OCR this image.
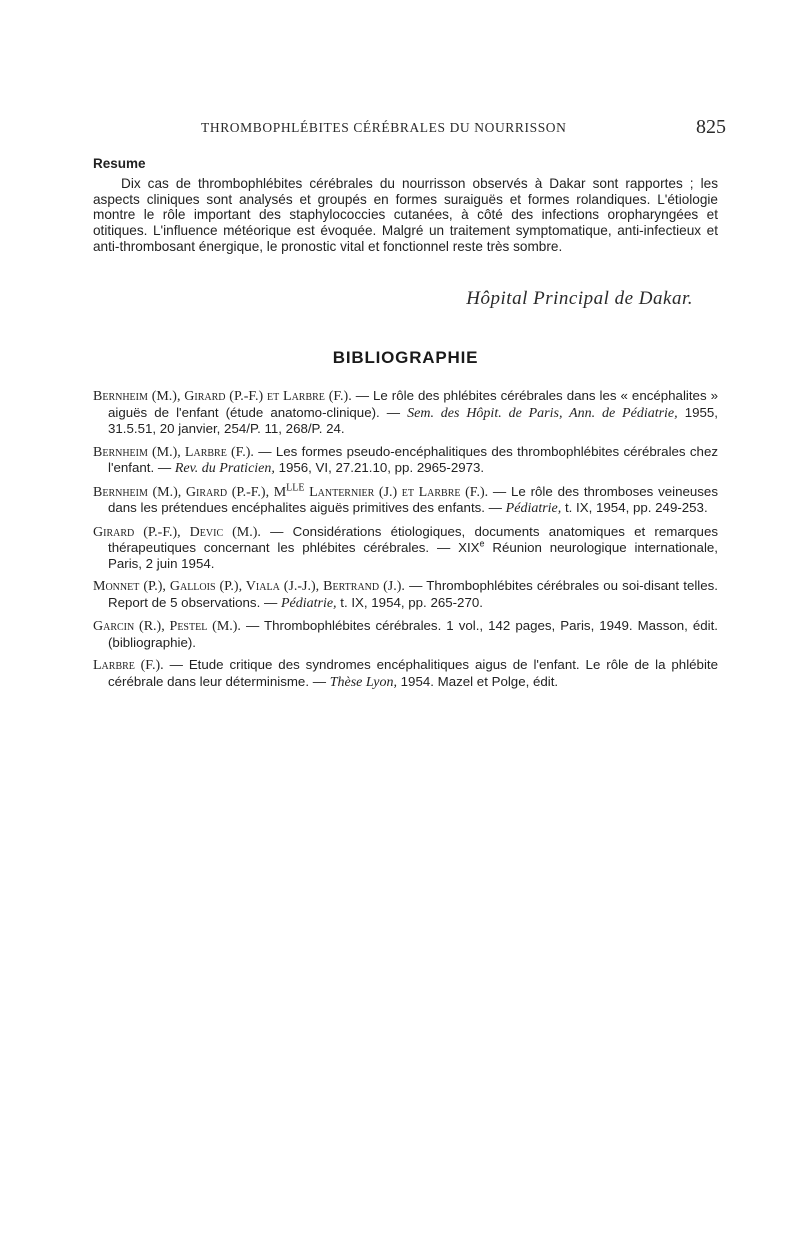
THROMBOPHLÉBITES CÉRÉBRALES DU NOURRISSON	825
Resume

Dix cas de thrombophlébites cérébrales du nourrisson observés à Dakar sont rapportes ; les aspects cliniques sont analysés et groupés en formes suraiguës et formes rolandiques. L'étiologie montre le rôle important des staphylococcies cutanées, à côté des infections oropharyngées et otitiques. L'influence météorique est évoquée. Malgré un traitement symptomatique, anti-infectieux et anti-thrombosant énergique, le pronostic vital et fonctionnel reste très sombre.

Hôpital Principal de Dakar.
BIBLIOGRAPHIE

Bernheim (M.), Girard (P.-F.) et Larbre (F.). — Le rôle des phlébites cérébrales dans les « encéphalites » aiguës de l'enfant (étude anatomo-clinique). — Sem. des Hôpit. de Paris, Ann. de Pédiatrie, 1955, 31.5.51, 20 janvier, 254/P. 11, 268/P. 24.

Bernheim (M.), Larbre (F.). — Les formes pseudo-encéphalitiques des thrombophlébites cérébrales chez l'enfant. — Rev. du Praticien, 1956, VI, 27.21.10, pp. 2965-2973.

Bernheim (M.), Girard (P.-F.), $M^{lle}$ Lanternier (J.) et Larbre (F.). — Le rôle des thromboses veineuses dans les prétendues encéphalites aiguës primitives des enfants. — Pédiatrie, t. IX, 1954, pp. 249-253.

Girard (P.-F.), Devic (M.). — Considérations étiologiques, documents anatomiques et remarques thérapeutiques concernant les phlébites cérébrales. — XIXe Réunion neurologique internationale, Paris, 2 juin 1954.

Monnet (P.), Gallois (P.), Viala (J.-J.), Bertrand (J.). — Thrombophlébites cérébrales ou soi-disant telles. Report de 5 observations. — Pédiatrie, t. IX, 1954, pp. 265-270.

Garcin (R.), Pestel (M.). — Thrombophlébites cérébrales. 1 vol., 142 pages, Paris, 1949. Masson, édit. (bibliographie).

Larbre (F.). — Etude critique des syndromes encéphalitiques aigus de l'enfant. Le rôle de la phlébite cérébrale dans leur déterminisme. — Thèse Lyon, 1954. Mazel et Polge, édit.
